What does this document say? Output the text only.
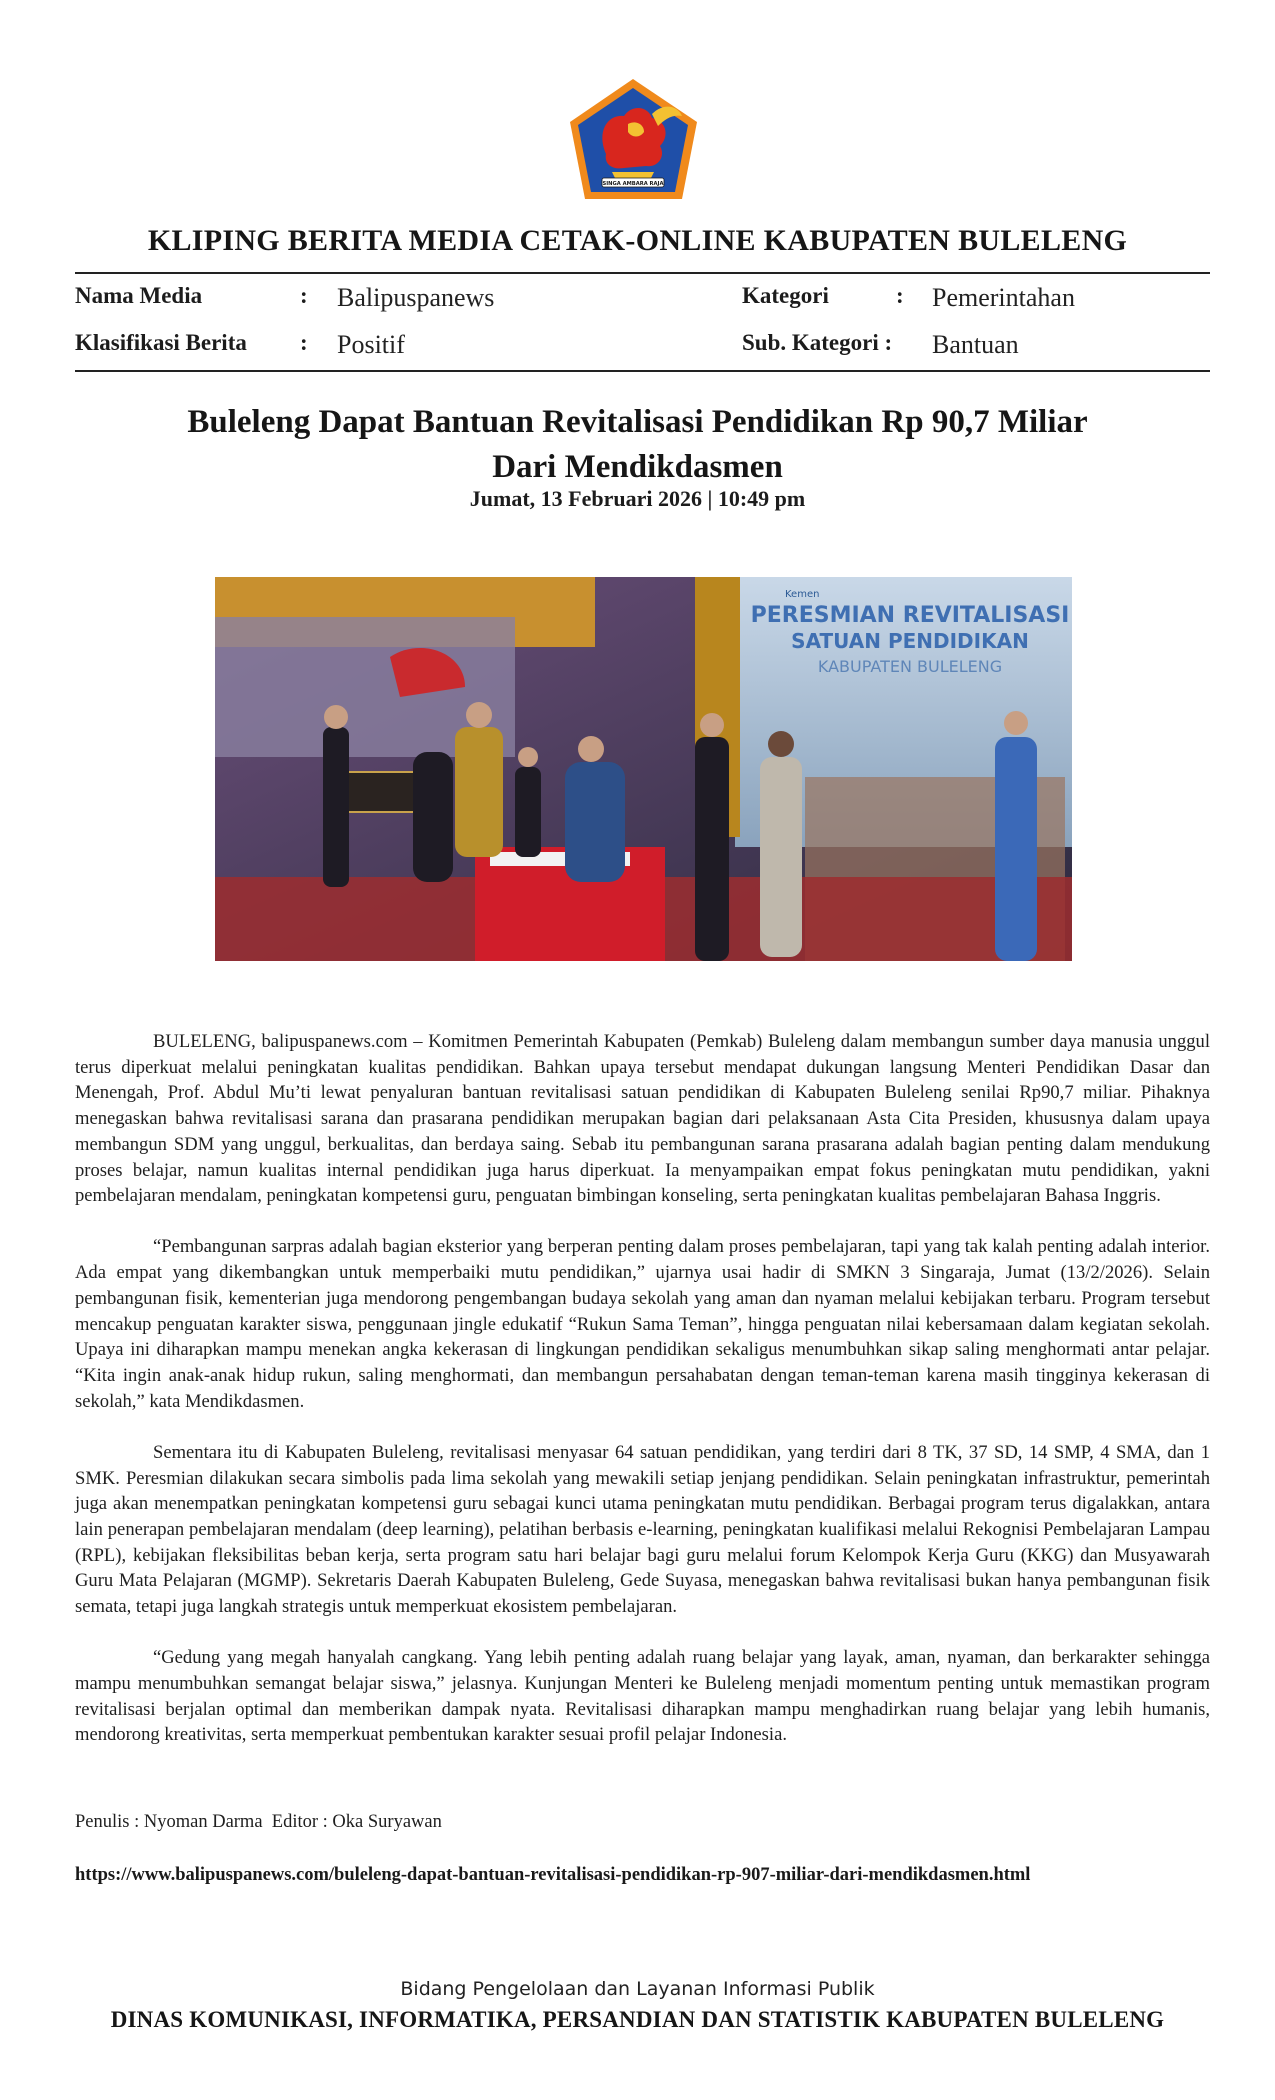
SINGA AMBARA RAJA
KLIPING BERITA MEDIA CETAK-ONLINE KABUPATEN BULELENG
Nama Media	: Balipuspanews	Kategori	: Pemerintahan
Klasifikasi Berita : Positif	Sub. Kategori : Bantuan
Buleleng Dapat Bantuan Revitalisasi Pendidikan Rp 90,7 Miliar
Dari Mendikdasmen
Jumat, 13 Februari 2026 | 10:49 pm
PERESMIAN REVITALISASI
SATUAN PENDIDIKAN
KABUPATEN BULELENG
Kemen

BULELENG, balipuspanews.com – Komitmen Pemerintah Kabupaten (Pemkab) Buleleng dalam membangun sumber daya manusia unggul terus diperkuat melalui peningkatan kualitas pendidikan. Bahkan upaya tersebut mendapat dukungan langsung Menteri Pendidikan Dasar dan Menengah, Prof. Abdul Mu’ti lewat penyaluran bantuan revitalisasi satuan pendidikan di Kabupaten Buleleng senilai Rp90,7 miliar. Pihaknya menegaskan bahwa revitalisasi sarana dan prasarana pendidikan merupakan bagian dari pelaksanaan Asta Cita Presiden, khususnya dalam upaya membangun SDM yang unggul, berkualitas, dan berdaya saing. Sebab itu pembangunan sarana prasarana adalah bagian penting dalam mendukung proses belajar, namun kualitas internal pendidikan juga harus diperkuat. Ia menyampaikan empat fokus peningkatan mutu pendidikan, yakni pembelajaran mendalam, peningkatan kompetensi guru, penguatan bimbingan konseling, serta peningkatan kualitas pembelajaran Bahasa Inggris.

“Pembangunan sarpras adalah bagian eksterior yang berperan penting dalam proses pembelajaran, tapi yang tak kalah penting adalah interior. Ada empat yang dikembangkan untuk memperbaiki mutu pendidikan,” ujarnya usai hadir di SMKN 3 Singaraja, Jumat (13/2/2026). Selain pembangunan fisik, kementerian juga mendorong pengembangan budaya sekolah yang aman dan nyaman melalui kebijakan terbaru. Program tersebut mencakup penguatan karakter siswa, penggunaan jingle edukatif “Rukun Sama Teman”, hingga penguatan nilai kebersamaan dalam kegiatan sekolah. Upaya ini diharapkan mampu menekan angka kekerasan di lingkungan pendidikan sekaligus menumbuhkan sikap saling menghormati antar pelajar. “Kita ingin anak-anak hidup rukun, saling menghormati, dan membangun persahabatan dengan teman-teman karena masih tingginya kekerasan di sekolah,” kata Mendikdasmen.

Sementara itu di Kabupaten Buleleng, revitalisasi menyasar 64 satuan pendidikan, yang terdiri dari 8 TK, 37 SD, 14 SMP, 4 SMA, dan 1 SMK. Peresmian dilakukan secara simbolis pada lima sekolah yang mewakili setiap jenjang pendidikan. Selain peningkatan infrastruktur, pemerintah juga akan menempatkan peningkatan kompetensi guru sebagai kunci utama peningkatan mutu pendidikan. Berbagai program terus digalakkan, antara lain penerapan pembelajaran mendalam (deep learning), pelatihan berbasis e-learning, peningkatan kualifikasi melalui Rekognisi Pembelajaran Lampau (RPL), kebijakan fleksibilitas beban kerja, serta program satu hari belajar bagi guru melalui forum Kelompok Kerja Guru (KKG) dan Musyawarah Guru Mata Pelajaran (MGMP). Sekretaris Daerah Kabupaten Buleleng, Gede Suyasa, menegaskan bahwa revitalisasi bukan hanya pembangunan fisik semata, tetapi juga langkah strategis untuk memperkuat ekosistem pembelajaran.

“Gedung yang megah hanyalah cangkang. Yang lebih penting adalah ruang belajar yang layak, aman, nyaman, dan berkarakter sehingga mampu menumbuhkan semangat belajar siswa,” jelasnya. Kunjungan Menteri ke Buleleng menjadi momentum penting untuk memastikan program revitalisasi berjalan optimal dan memberikan dampak nyata. Revitalisasi diharapkan mampu menghadirkan ruang belajar yang lebih humanis, mendorong kreativitas, serta memperkuat pembentukan karakter sesuai profil pelajar Indonesia.

Penulis : Nyoman Darma  Editor : Oka Suryawan
https://www.balipuspanews.com/buleleng-dapat-bantuan-revitalisasi-pendidikan-rp-907-miliar-dari-mendikdasmen.html
Bidang Pengelolaan dan Layanan Informasi Publik
DINAS KOMUNIKASI, INFORMATIKA, PERSANDIAN DAN STATISTIK KABUPATEN BULELENG
